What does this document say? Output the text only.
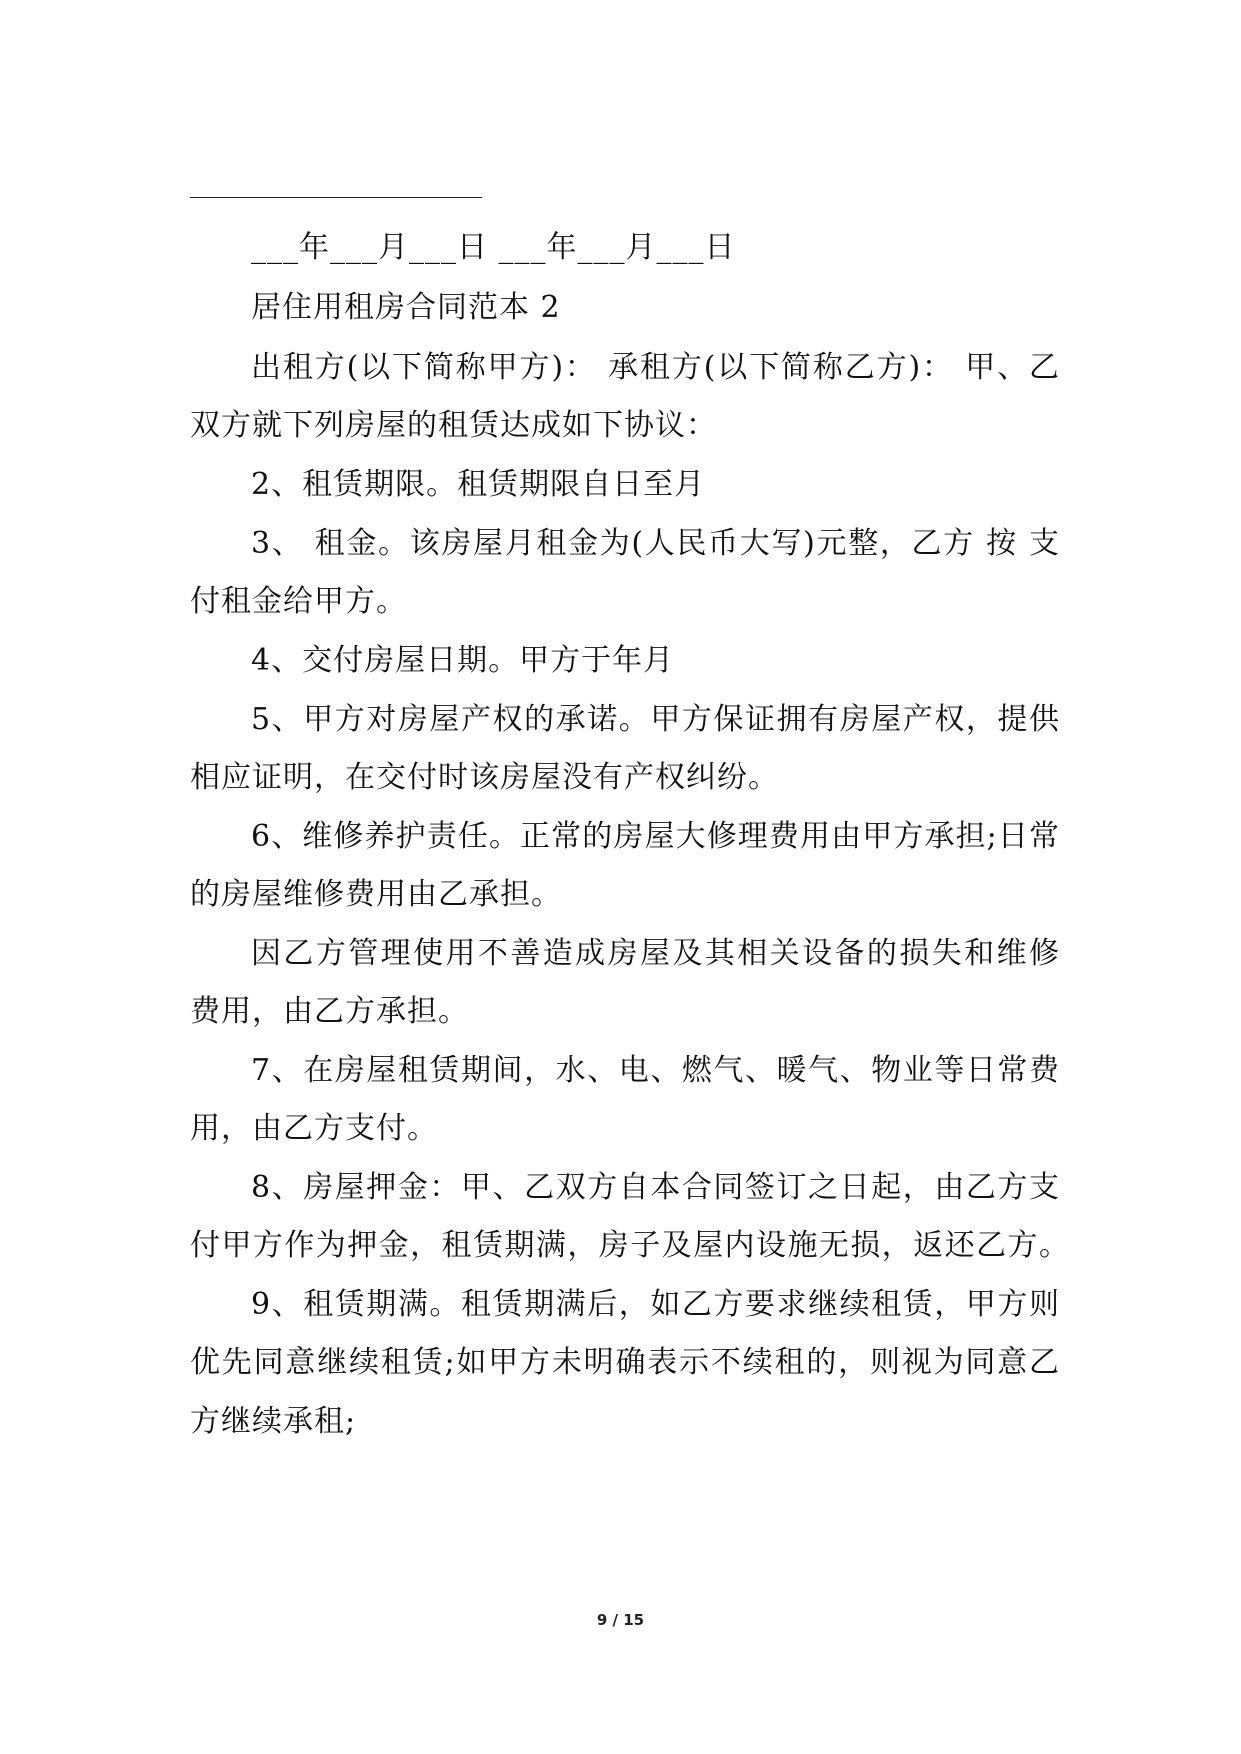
___年___月___日 ___年___月___日
居住用租房合同范本 2
出租方(以下简称甲方)： 承租方(以下简称乙方)： 甲、乙
双方就下列房屋的租赁达成如下协议：
2、租赁期限。租赁期限自日至月
3、 租金。该房屋月租金为(人民币大写)元整，乙方 按 支
付租金给甲方。
4、交付房屋日期。甲方于年月
5、甲方对房屋产权的承诺。甲方保证拥有房屋产权，提供
相应证明，在交付时该房屋没有产权纠纷。
6、维修养护责任。正常的房屋大修理费用由甲方承担;日常
的房屋维修费用由乙承担。
因乙方管理使用不善造成房屋及其相关设备的损失和维修
费用，由乙方承担。
7、在房屋租赁期间，水、电、燃气、暖气、物业等日常费
用，由乙方支付。
8、房屋押金：甲、乙双方自本合同签订之日起，由乙方支
付甲方作为押金，租赁期满，房子及屋内设施无损，返还乙方。
9、租赁期满。租赁期满后，如乙方要求继续租赁，甲方则
优先同意继续租赁;如甲方未明确表示不续租的，则视为同意乙
方继续承租;
9 / 15
